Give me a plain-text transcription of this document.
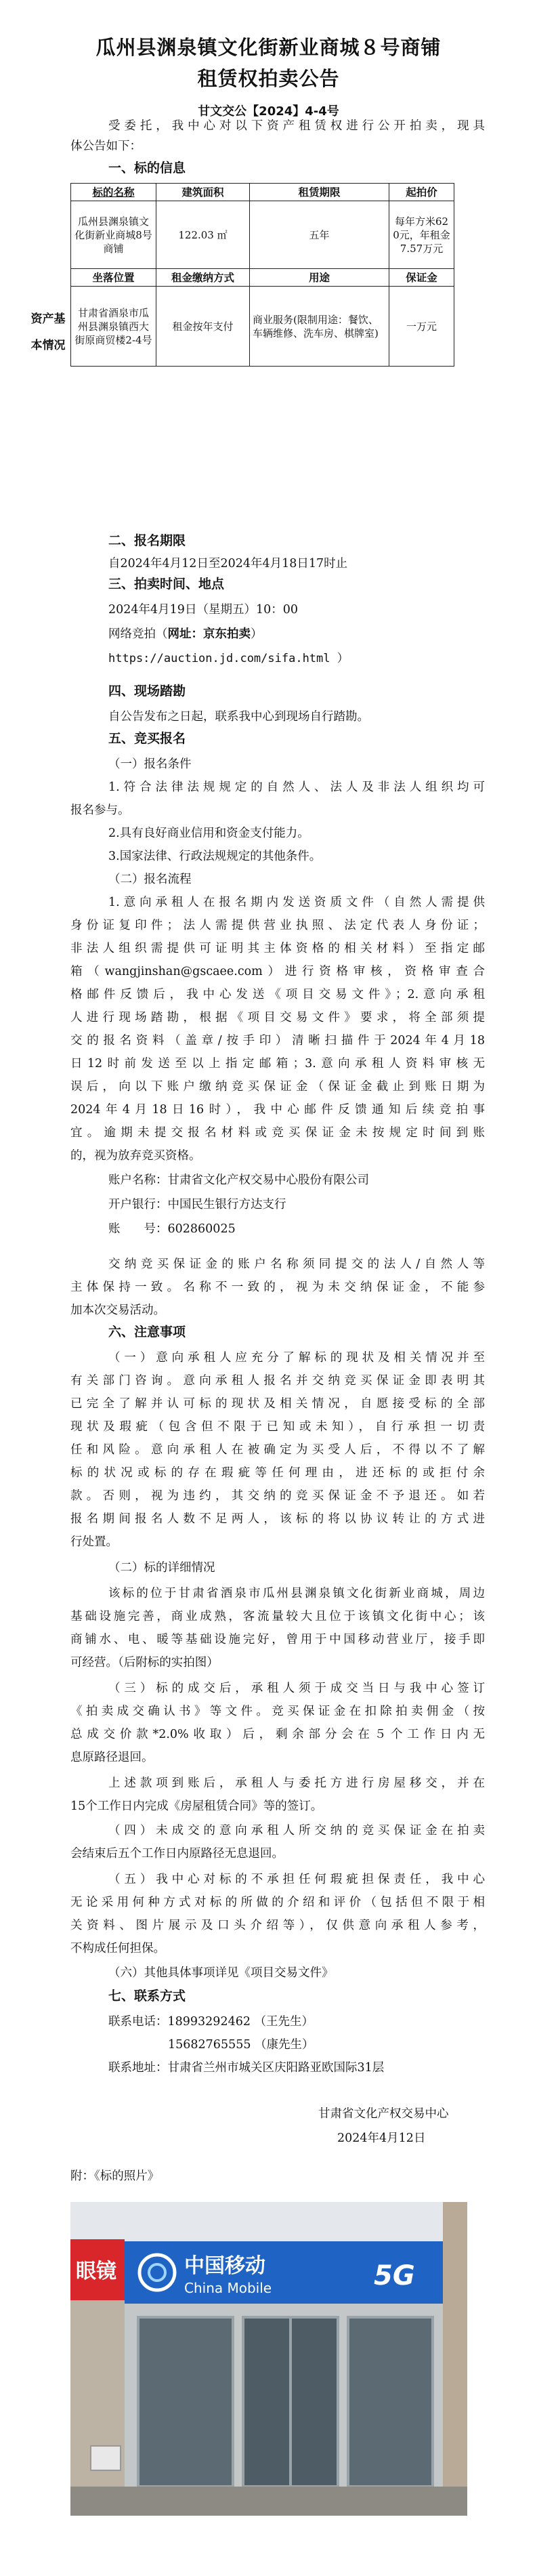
瓜州县渊泉镇文化街新业商城８号商铺
租赁权拍卖公告
甘文交公【2024】4-4号
受委托，我中心对以下资产租赁权进行公开拍卖，现具
体公告如下：
一、标的信息
资产基
本情况
标的名称	建筑面积	租赁期限	起拍价
瓜州县渊泉镇文化街新业商城8号商铺	122.03 ㎡	五年	每年方米620元，年租金7.57万元
坐落位置	租金缴纳方式	用途	保证金
甘肃省酒泉市瓜州县渊泉镇西大街原商贸楼2-4号	租金按年支付	商业服务(限制用途：餐饮、车辆维修、洗车房、棋牌室)	一万元
二、报名期限
自2024年4月12日至2024年4月18日17时止
三、拍卖时间、地点
2024年4月19日（星期五）10：00
网络竞拍（网址：京东拍卖）
https://auction.jd.com/sifa.html ）
四、现场踏勘
自公告发布之日起，联系我中心到现场自行踏勘。
五、竞买报名
（一）报名条件
1.符合法律法规规定的自然人、法人及非法人组织均可
报名参与。
2.具有良好商业信用和资金支付能力。
3.国家法律、行政法规规定的其他条件。
（二）报名流程
1.意向承租人在报名期内发送资质文件（自然人需提供
身份证复印件；法人需提供营业执照、法定代表人身份证；
非法人组织需提供可证明其主体资格的相关材料）至指定邮
箱（wangjinshan@gscaee.com）进行资格审核，资格审查合
格邮件反馈后，我中心发送《项目交易文件》；2.意向承租
人进行现场踏勘，根据《项目交易文件》要求，将全部须提
交的报名资料（盖章/按手印）清晰扫描件于2024年4月18
日12时前发送至以上指定邮箱；3.意向承租人资料审核无
误后，向以下账户缴纳竞买保证金（保证金截止到账日期为
2024年4月18日16时），我中心邮件反馈通知后续竞拍事
宜。逾期未提交报名材料或竞买保证金未按规定时间到账
的，视为放弃竞买资格。
账户名称：甘肃省文化产权交易中心股份有限公司
开户银行：中国民生银行方达支行
账　　号：602860025
交纳竞买保证金的账户名称须同提交的法人/自然人等
主体保持一致。名称不一致的，视为未交纳保证金，不能参
加本次交易活动。
六、注意事项
（一）意向承租人应充分了解标的现状及相关情况并至
有关部门咨询。意向承租人报名并交纳竞买保证金即表明其
已完全了解并认可标的现状及相关情况，自愿接受标的全部
现状及瑕疵（包含但不限于已知或未知），自行承担一切责
任和风险。意向承租人在被确定为买受人后，不得以不了解
标的状况或标的存在瑕疵等任何理由，进还标的或拒付余
款。否则，视为违约，其交纳的竞买保证金不予退还。如若
报名期间报名人数不足两人，该标的将以协议转让的方式进
行处置。
（二）标的详细情况
该标的位于甘肃省酒泉市瓜州县渊泉镇文化街新业商城，周边
基础设施完善，商业成熟，客流量较大且位于该镇文化街中心；该
商铺水、电、暖等基础设施完好，曾用于中国移动营业厅，接手即
可经营。（后附标的实拍图）
（三）标的成交后，承租人须于成交当日与我中心签订
《拍卖成交确认书》等文件。竞买保证金在扣除拍卖佣金（按
总成交价款*2.0%收取）后，剩余部分会在５个工作日内无
息原路径退回。
上述款项到账后，承租人与委托方进行房屋移交，并在
15个工作日内完成《房屋租赁合同》等的签订。
（四）未成交的意向承租人所交纳的竞买保证金在拍卖
会结束后五个工作日内原路径无息退回。
（五）我中心对标的不承担任何瑕疵担保责任，我中心
无论采用何种方式对标的所做的介绍和评价（包括但不限于相
关资料、图片展示及口头介绍等），仅供意向承租人参考，
不构成任何担保。
（六）其他具体事项详见《项目交易文件》
七、联系方式
联系电话：18993292462 （王先生）
15682765555 （康先生）
联系地址：甘肃省兰州市城关区庆阳路亚欧国际31层
甘肃省文化产权交易中心
2024年4月12日
附：《标的照片》
眼镜	中国移动
China Mobile	5G
